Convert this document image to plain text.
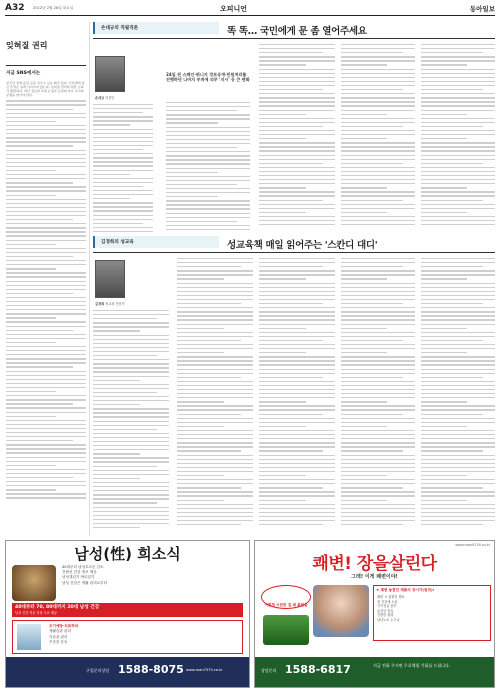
A32 2012년 2월 28일 화요일	오피니언	동아일보
잊혀질 권리
지금 SNS에서는
일주일 전에 올린 글을 지우고 싶을 때가 있다. 인터넷에 남긴 흔적은 쉽게 사라지지 않는다. 잊혀질 권리에 대한 논의가 활발하다. 개인 정보의 삭제 요청과 표현의 자유 사이의 균형을 찾아야 한다.
손대규의 직필직론	똑 똑… 국민에게 문 좀 열어주세요
손대규 언론인
24일 전 스페인·튀니지 정보공개·민원처리를 진행하던 나머지 부처에 의무 '지시' 등 큰 변화
김경희의 성교육	성교육책 매일 읽어주는 '스칸디 대디'
김경희 성교육 전문가
남성(性) 희소식
40대부터 남성호르몬 감소
전립선 건강 정보 제공
남성갱년기 바로알기
남성 건강은 생활 관리로부터
40대부터 70, 80대까지 20대 남성 건강
남성 건강 전문 상담 무료 제공
조기예방·치료하라
생활습관 관리
식습관 관리
꾸준한 운동
구입문의상담 1588-8075 www.man7575.co.kr
www.man9116.co.kr
쾌변! 장을살린다
그래! 이게 쾌변이야!
이렇게 시원한 걸 왜 몰랐을
★ 쾌변 놓쳤던 제품의 장시가(원칙)!
배변 시 불편감 해소
장 건강에 도움
식이섬유 풍부
유산균 함유
간편한 섭취
남녀노소 누구나
상담문의 1588-6817	지금 전화 주시면 무료체험 기회를 드립니다.
